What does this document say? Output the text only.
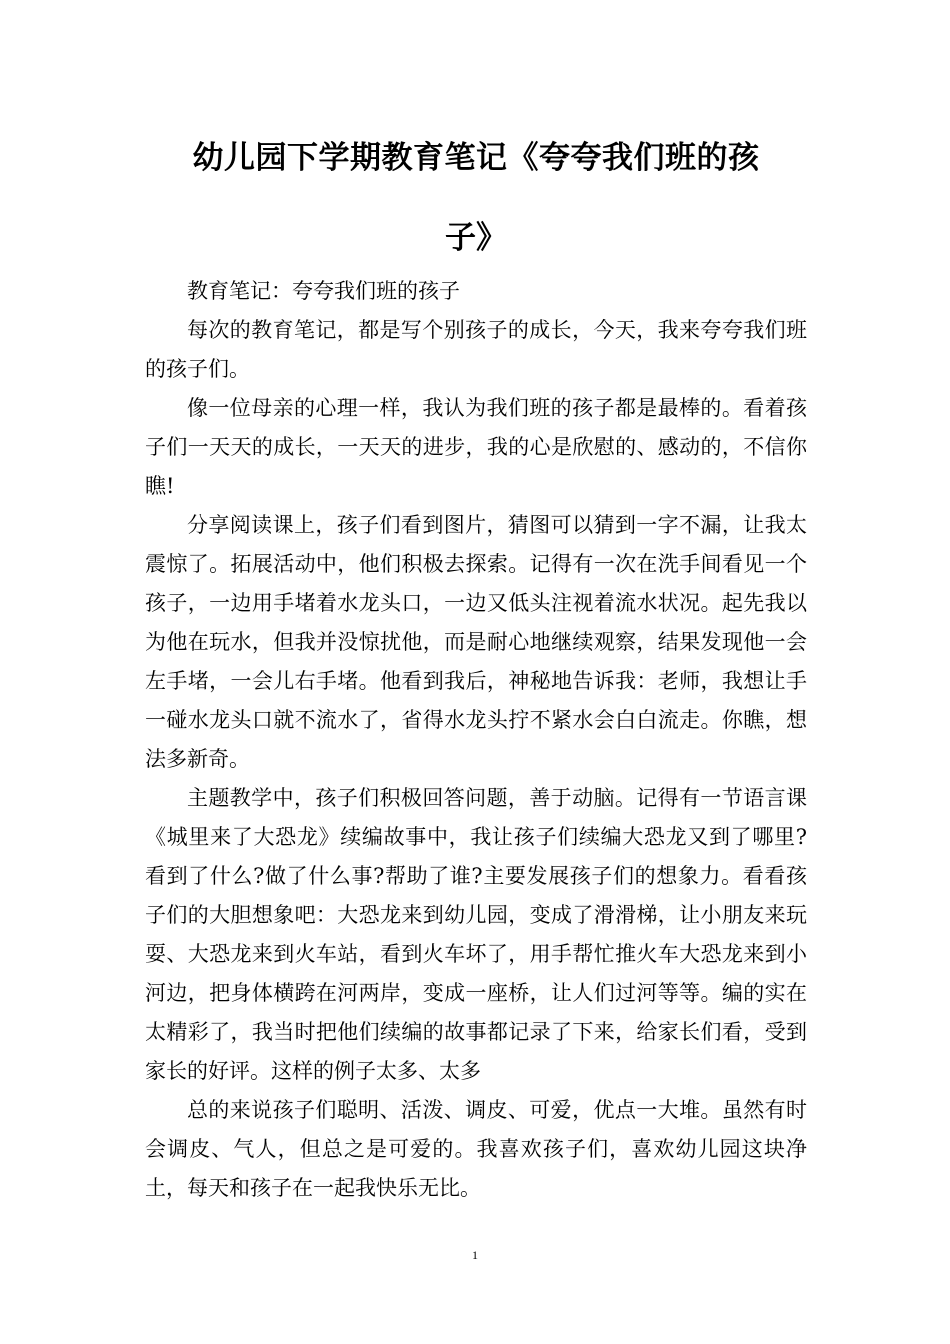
幼儿园下学期教育笔记《夸夸我们班的孩
子》

教育笔记：夸夸我们班的孩子

每次的教育笔记，都是写个别孩子的成长，今天，我来夸夸我们班的孩子们。

像一位母亲的心理一样，我认为我们班的孩子都是最棒的。看着孩子们一天天的成长，一天天的进步，我的心是欣慰的、感动的，不信你瞧!

分享阅读课上，孩子们看到图片，猜图可以猜到一字不漏，让我太震惊了。拓展活动中，他们积极去探索。记得有一次在洗手间看见一个孩子，一边用手堵着水龙头口，一边又低头注视着流水状况。起先我以为他在玩水，但我并没惊扰他，而是耐心地继续观察，结果发现他一会左手堵，一会儿右手堵。他看到我后，神秘地告诉我：老师，我想让手一碰水龙头口就不流水了，省得水龙头拧不紧水会白白流走。你瞧，想法多新奇。

主题教学中，孩子们积极回答问题，善于动脑。记得有一节语言课《城里来了大恐龙》续编故事中，我让孩子们续编大恐龙又到了哪里?看到了什么?做了什么事?帮助了谁?主要发展孩子们的想象力。看看孩子们的大胆想象吧：大恐龙来到幼儿园，变成了滑滑梯，让小朋友来玩耍、大恐龙来到火车站，看到火车坏了，用手帮忙推火车大恐龙来到小河边，把身体横跨在河两岸，变成一座桥，让人们过河等等。编的实在太精彩了，我当时把他们续编的故事都记录了下来，给家长们看，受到家长的好评。这样的例子太多、太多

总的来说孩子们聪明、活泼、调皮、可爱，优点一大堆。虽然有时会调皮、气人，但总之是可爱的。我喜欢孩子们，喜欢幼儿园这块净土，每天和孩子在一起我快乐无比。

1
